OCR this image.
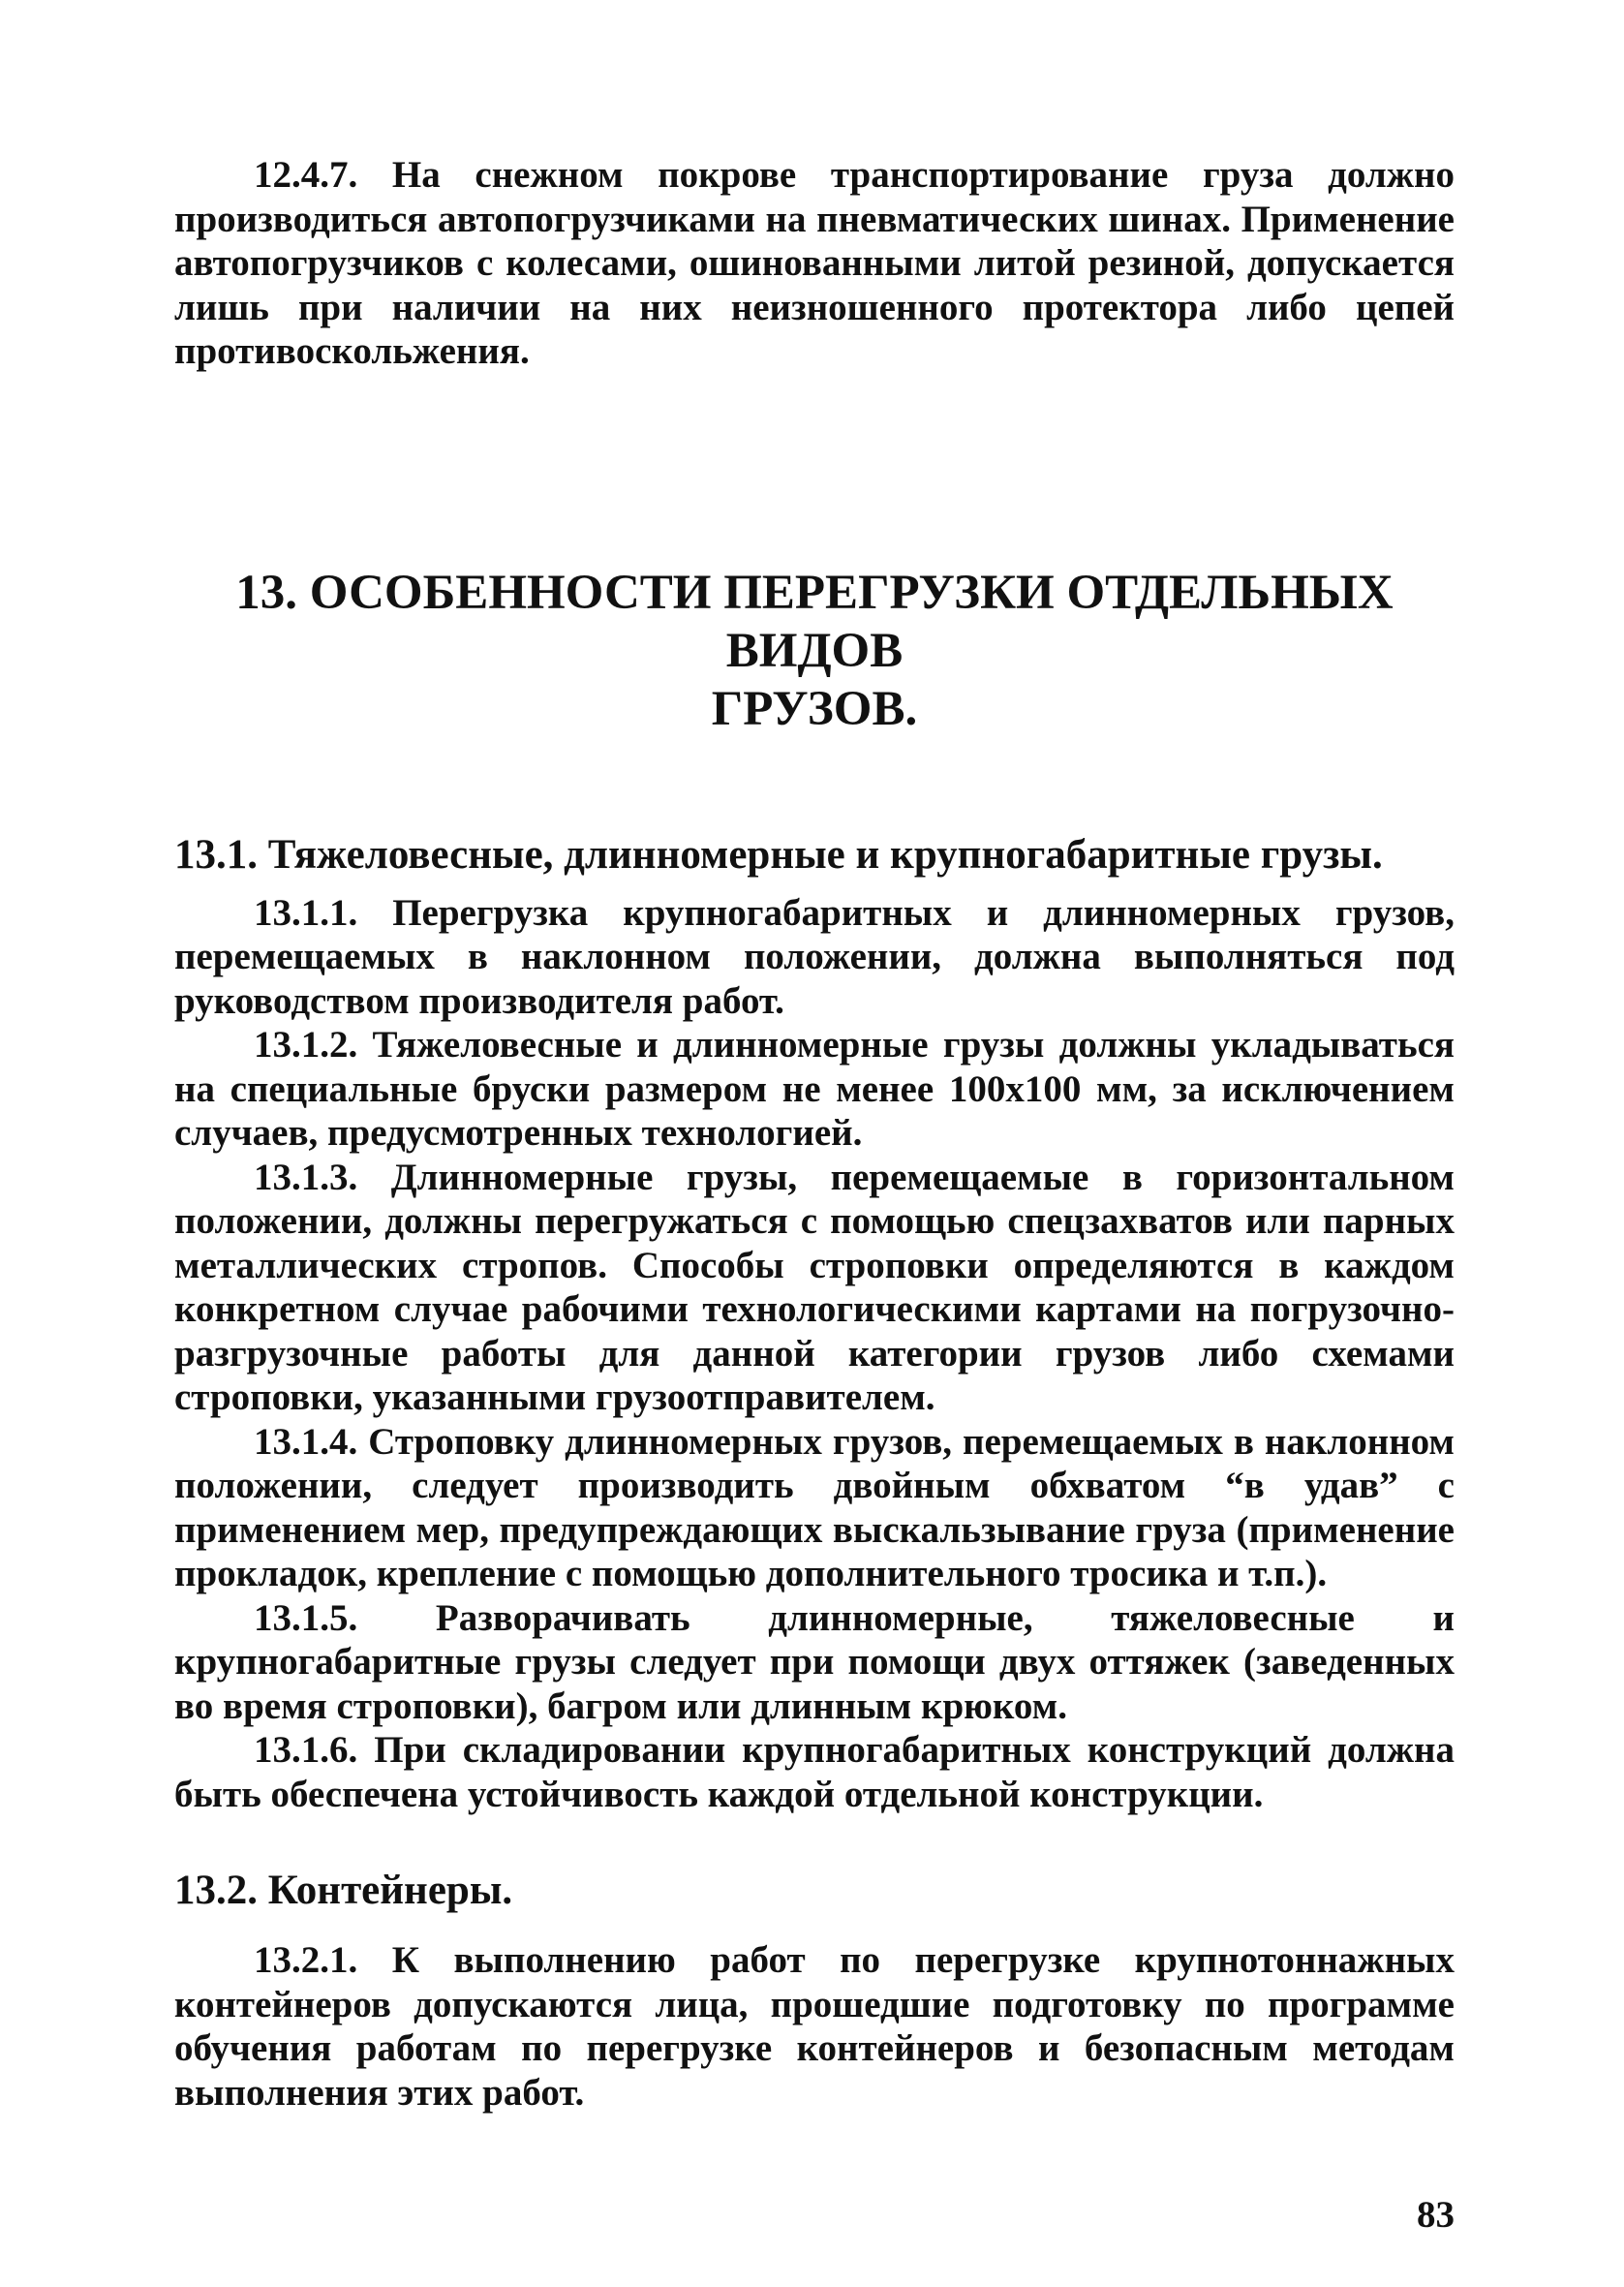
12.4.7. На снежном покрове транспортирование груза должно производиться автопогрузчиками на пневматических шинах. Применение автопогрузчиков с колесами, ошинованными литой резиной, допускается лишь при наличии на них неизношенного протектора либо цепей противоскольжения.

13. ОСОБЕННОСТИ ПЕРЕГРУЗКИ ОТДЕЛЬНЫХ ВИДОВ
ГРУЗОВ.
13.1. Тяжеловесные, длинномерные и крупногабаритные грузы.

13.1.1. Перегрузка крупногабаритных и длинномерных грузов, перемещаемых в наклонном положении, должна выполняться под руководством производителя работ.

13.1.2. Тяжеловесные и длинномерные грузы должны укладываться на специальные бруски размером не менее 100x100 мм, за исключением случаев, предусмотренных технологией.

13.1.3. Длинномерные грузы, перемещаемые в горизонтальном положении, должны перегружаться с помощью спецзахватов или парных металлических стропов. Способы строповки определяются в каждом конкретном случае рабочими технологическими картами на погрузочно-разгрузочные работы для данной категории грузов либо схемами строповки, указанными грузоотправителем.

13.1.4. Строповку длинномерных грузов, перемещаемых в наклонном положении, следует производить двойным обхватом “в удав” с применением мер, предупреждающих выскальзывание груза (применение прокладок, крепление с помощью дополнительного тросика и т.п.).

13.1.5. Разворачивать длинномерные, тяжеловесные и крупногабаритные грузы следует при помощи двух оттяжек (заведенных во время строповки), багром или длинным крюком.

13.1.6. При складировании крупногабаритных конструкций должна быть обеспечена устойчивость каждой отдельной конструкции.

13.2. Контейнеры.

13.2.1. К выполнению работ по перегрузке крупнотоннажных контейнеров допускаются лица, прошедшие подготовку по программе обучения работам по перегрузке контейнеров и безопасным методам выполнения этих работ.

83
